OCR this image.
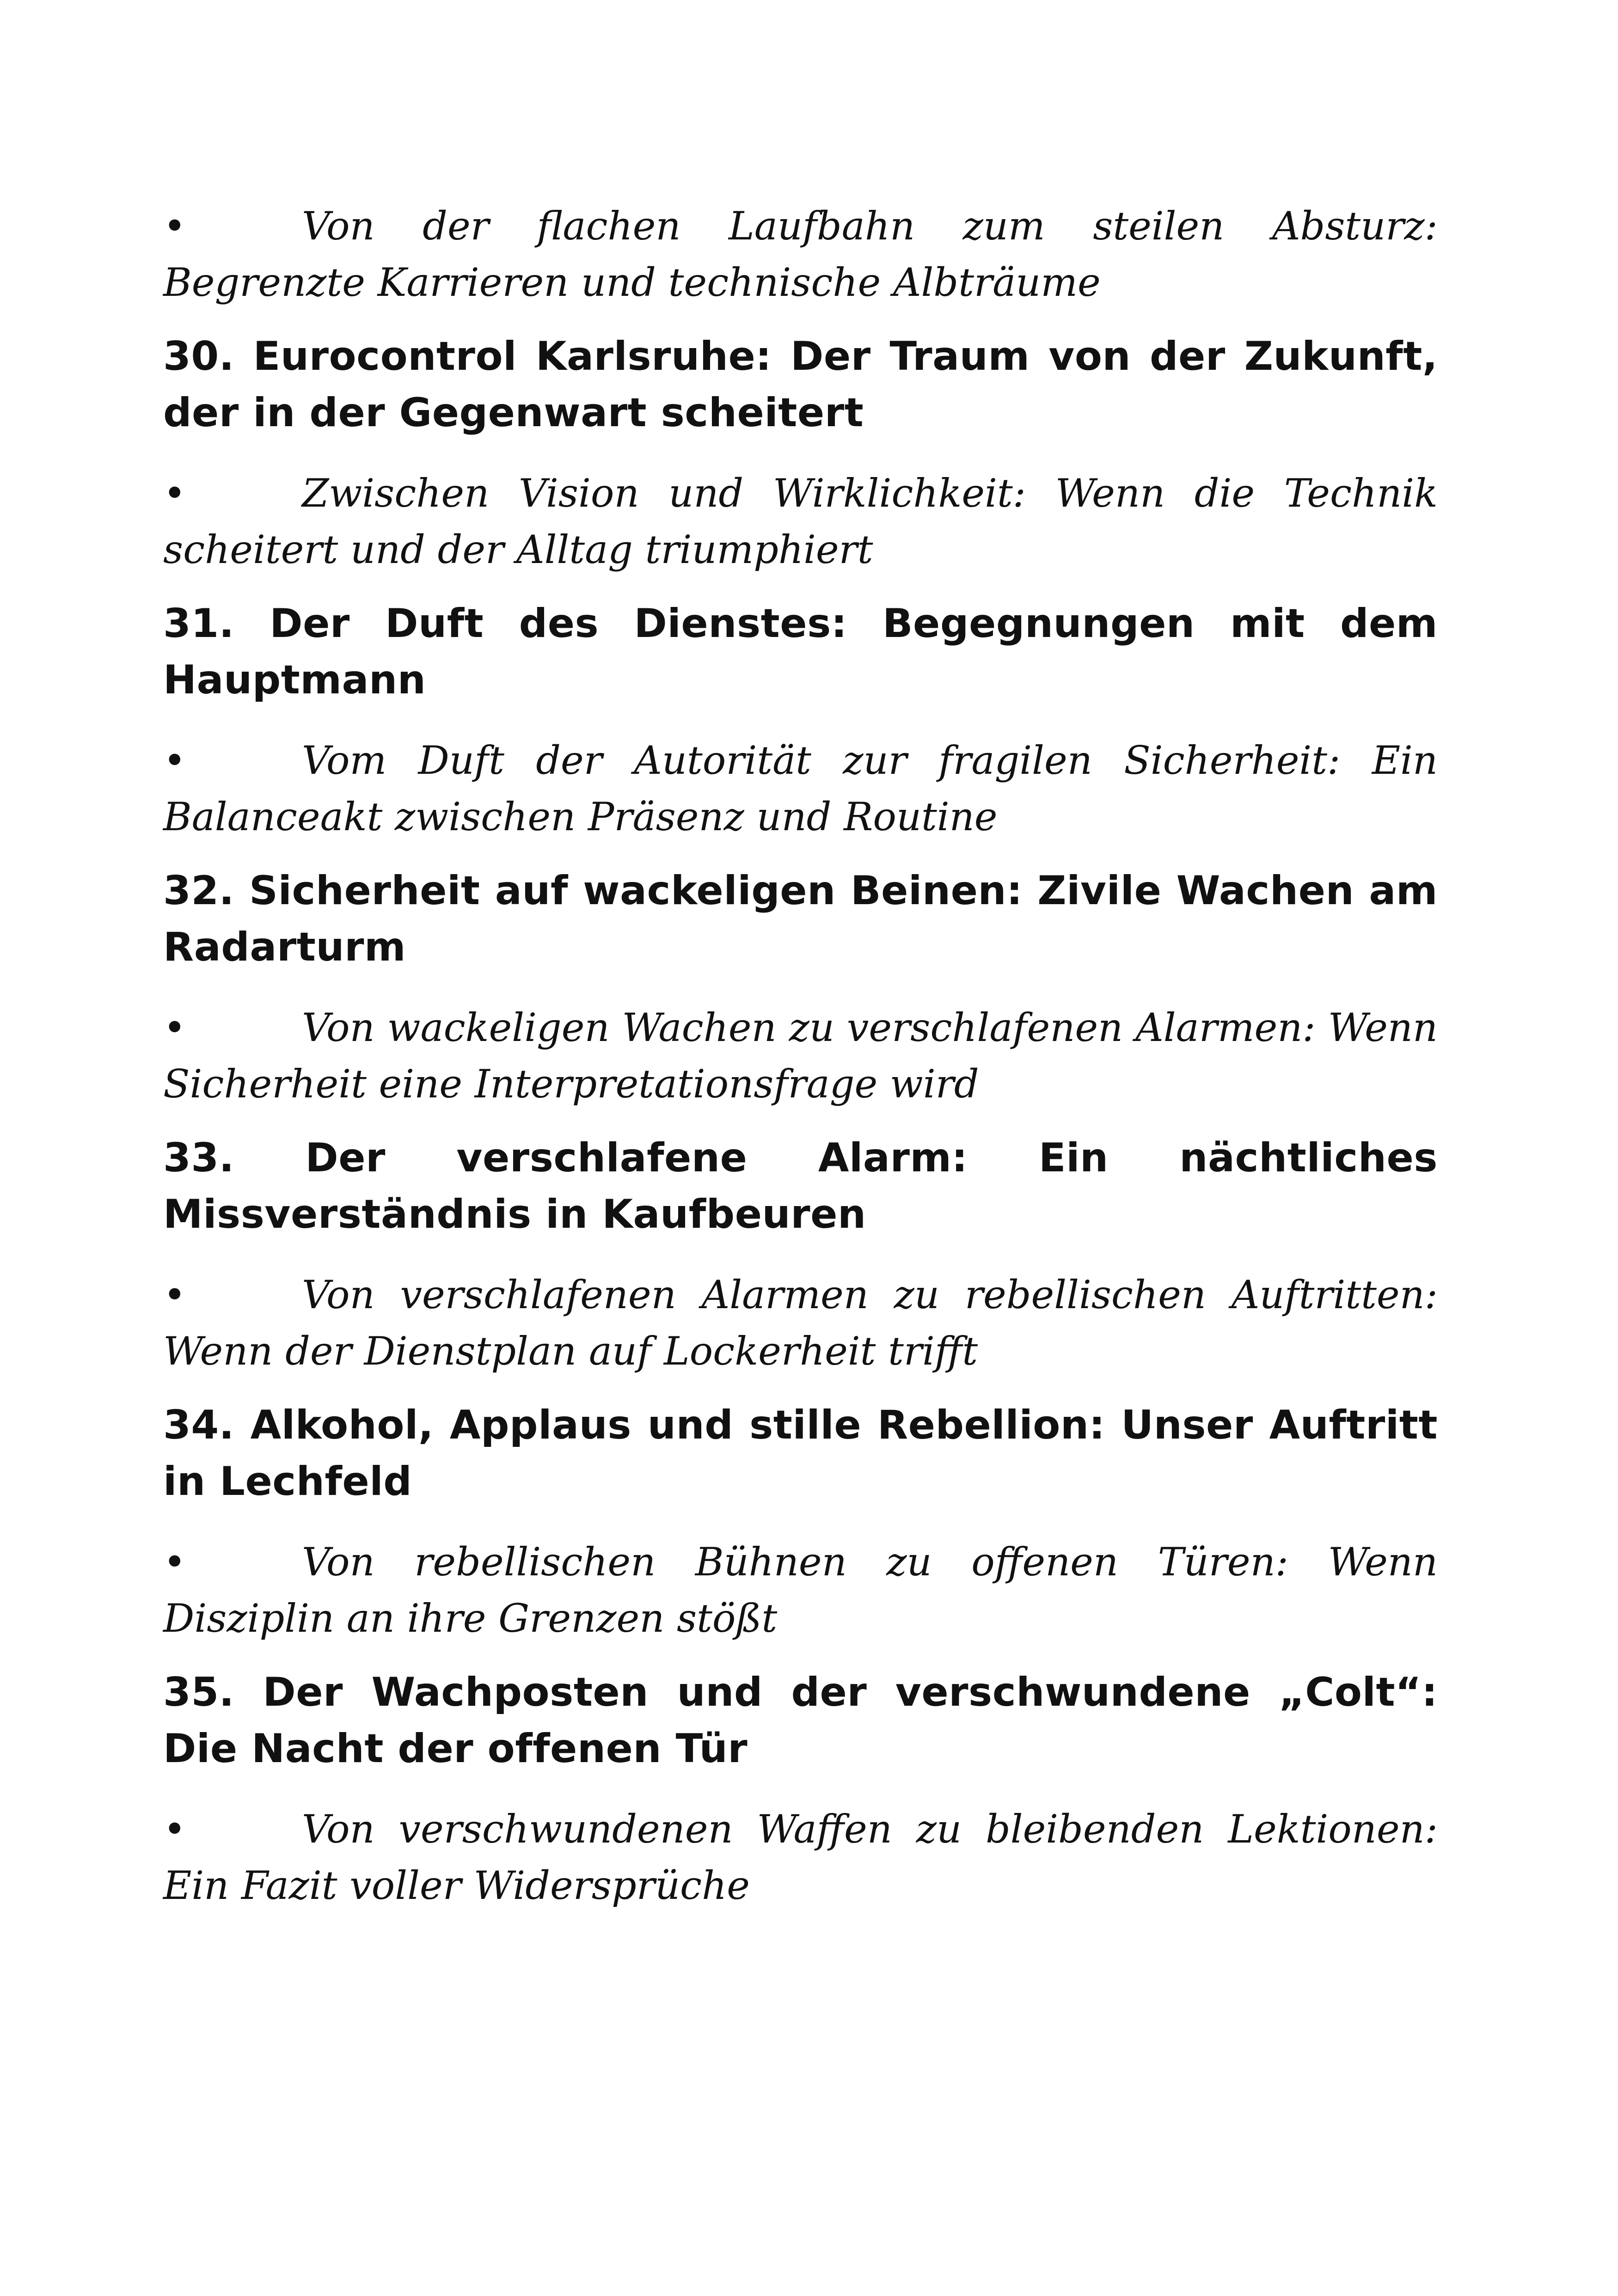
•	Von der flachen Laufbahn zum steilen Absturz: Begrenzte Karrieren und technische Albträume

30. Eurocontrol Karlsruhe: Der Traum von der Zukunft, der in der Gegenwart scheitert

•	Zwischen Vision und Wirklichkeit: Wenn die Technik scheitert und der Alltag triumphiert

31. Der Duft des Dienstes: Begegnungen mit dem Hauptmann

•	Vom Duft der Autorität zur fragilen Sicherheit: Ein Balanceakt zwischen Präsenz und Routine

32. Sicherheit auf wackeligen Beinen: Zivile Wachen am Radarturm

•	Von wackeligen Wachen zu verschlafenen Alarmen: Wenn Sicherheit eine Interpretationsfrage wird

33. Der verschlafene Alarm: Ein nächtliches Missverständnis in Kaufbeuren

•	Von verschlafenen Alarmen zu rebellischen Auftritten: Wenn der Dienstplan auf Lockerheit trifft

34. Alkohol, Applaus und stille Rebellion: Unser Auftritt in Lechfeld

•	Von rebellischen Bühnen zu offenen Türen: Wenn Disziplin an ihre Grenzen stößt

35. Der Wachposten und der verschwundene „Colt“: Die Nacht der offenen Tür

•	Von verschwundenen Waffen zu bleibenden Lektionen: Ein Fazit voller Widersprüche
